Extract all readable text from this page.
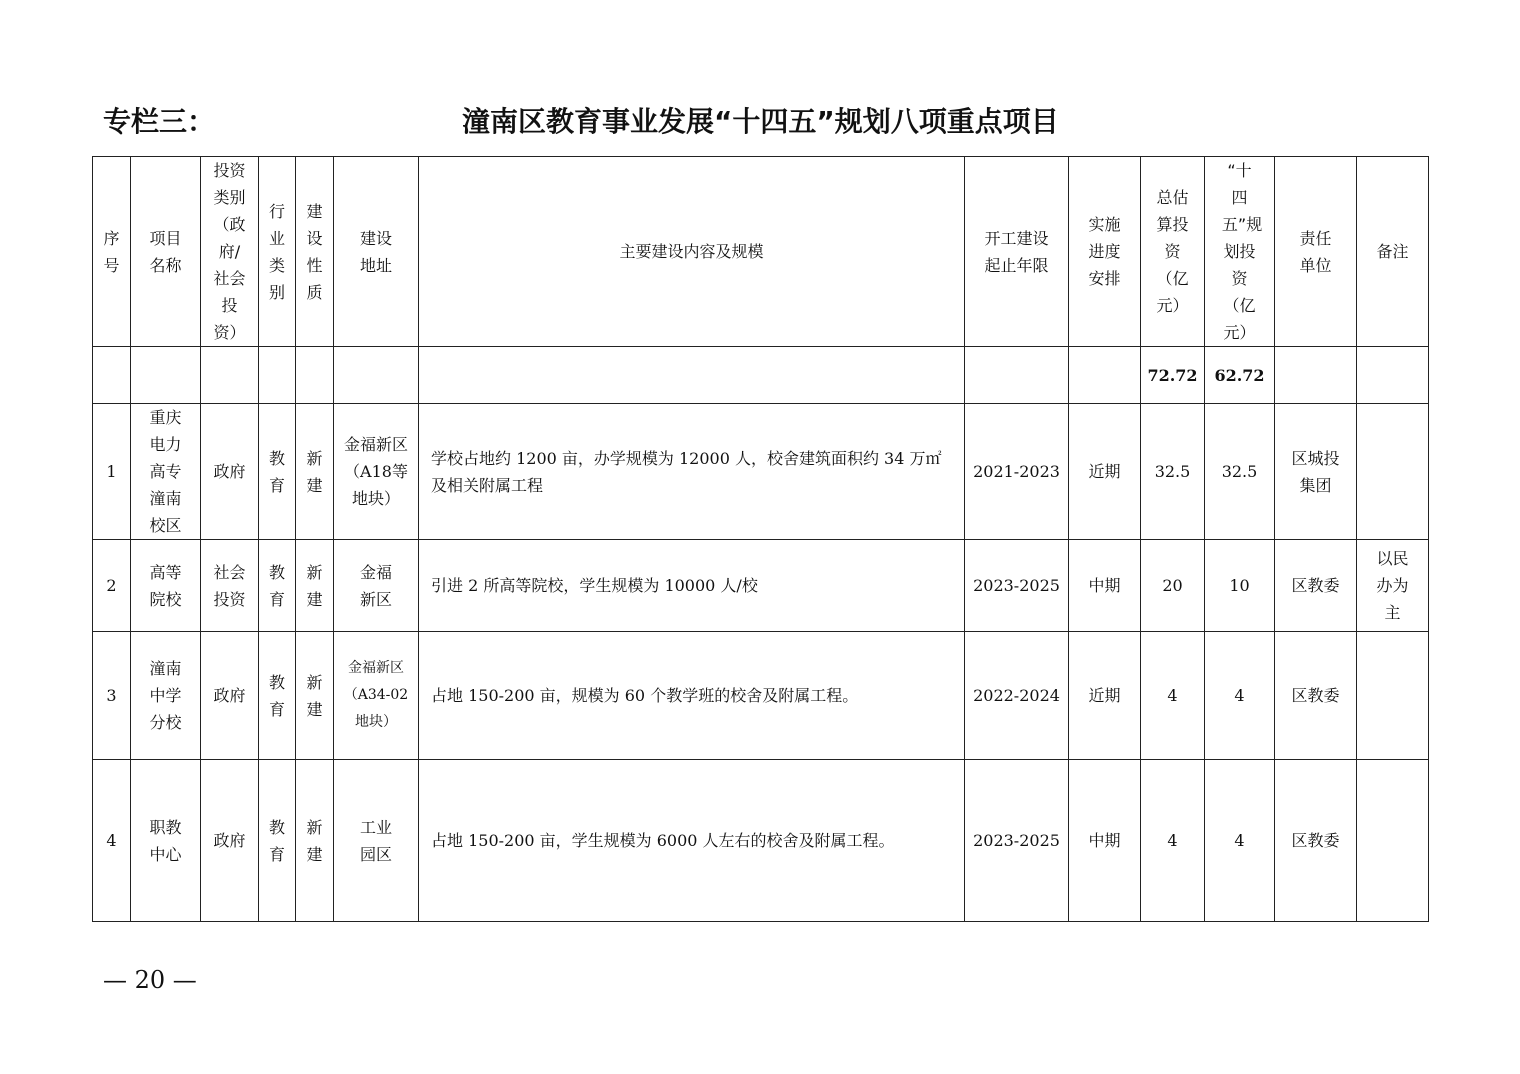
专栏三：	潼南区教育事业发展“十四五”规划八项重点项目
序号	项目名称	投资类别（政府/社会投资）	行业类别	建设性质	建设地址	主要建设内容及规模	开工建设起止年限	实施进度安排	总估算投资（亿元）	“十四五”规划投资（亿元）	责任单位	备注
									72.72	62.72		
1	重庆电力高专潼南校区	政府	教育	新建	金福新区（A18等地块）	学校占地约 1200 亩，办学规模为 12000 人，校舍建筑面积约 34 万㎡及相关附属工程	2021-2023	近期	32.5	32.5	区城投集团	
2	高等院校	社会投资	教育	新建	金福新区	引进 2 所高等院校，学生规模为 10000 人/校	2023-2025	中期	20	10	区教委	以民办为主
3	潼南中学分校	政府	教育	新建	金福新区（A34-02地块）	占地 150-200 亩，规模为 60 个教学班的校舍及附属工程。	2022-2024	近期	4	4	区教委	
4	职教中心	政府	教育	新建	工业园区	占地 150-200 亩，学生规模为 6000 人左右的校舍及附属工程。	2023-2025	中期	4	4	区教委	
— 20 —
